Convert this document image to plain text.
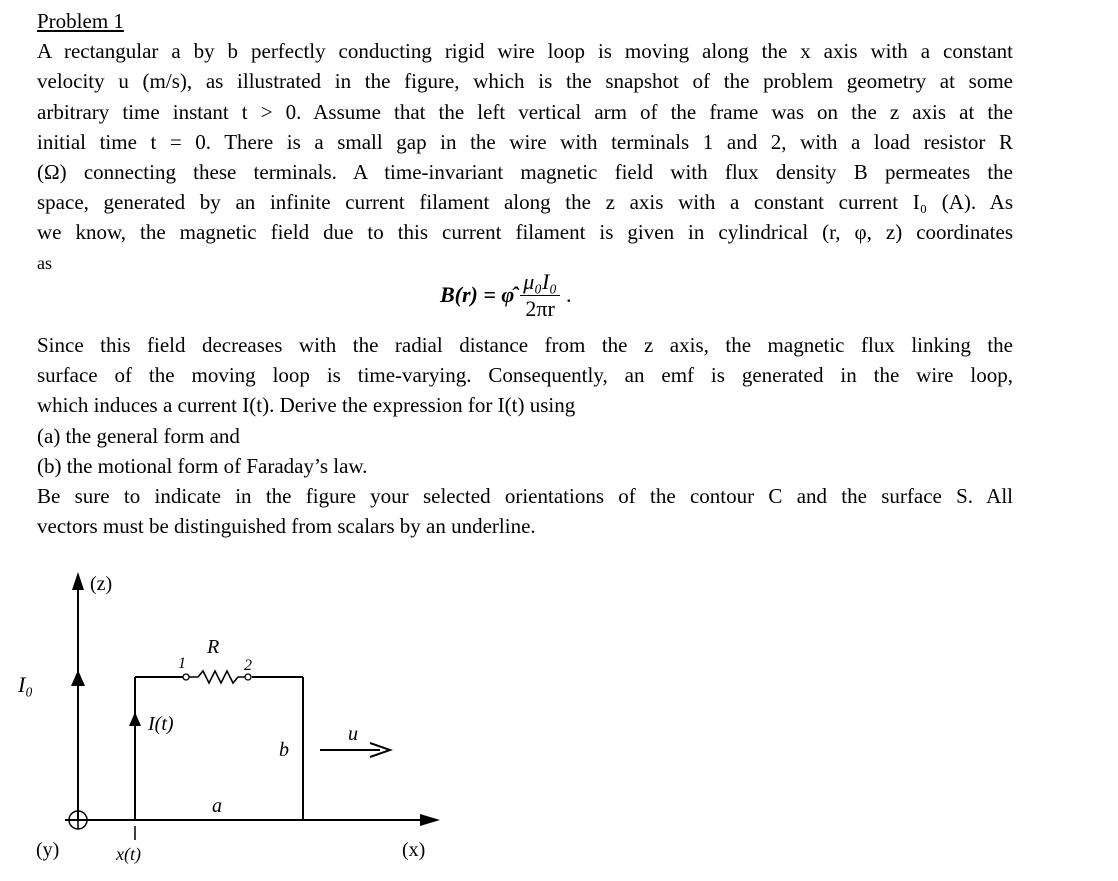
Problem 1

A rectangular a by b perfectly conducting rigid wire loop is moving along the x axis with a constant
velocity u (m/s), as illustrated in the figure, which is the snapshot of the problem geometry at some
arbitrary time instant t > 0. Assume that the left vertical arm of the frame was on the z axis at the
initial time t = 0. There is a small gap in the wire with terminals 1 and 2, with a load resistor R
(Ω) connecting these terminals. A time-invariant magnetic field with flux density B permeates the
space, generated by an infinite current filament along the z axis with a constant current I₀ (A). As
we know, the magnetic field due to this current filament is given in cylindrical (r, φ, z) coordinates

as

B(r) = φ̂ $\frac{\text{μ₀I₀}}{2\pi r}$ .
Since this field decreases with the radial distance from the z axis, the magnetic flux linking the
surface of the moving loop is time-varying. Consequently, an emf is generated in the wire loop,
which induces a current I(t). Derive the expression for I(t) using
(a) the general form and
(b) the motional form of Faraday’s law.
Be sure to indicate in the figure your selected orientations of the contour C and the surface S. All
vectors must be distinguished from scalars by an underline.
(z)
I₀
(y)	(x)
R
1	2
I(t)
a
b
u
x(t)
